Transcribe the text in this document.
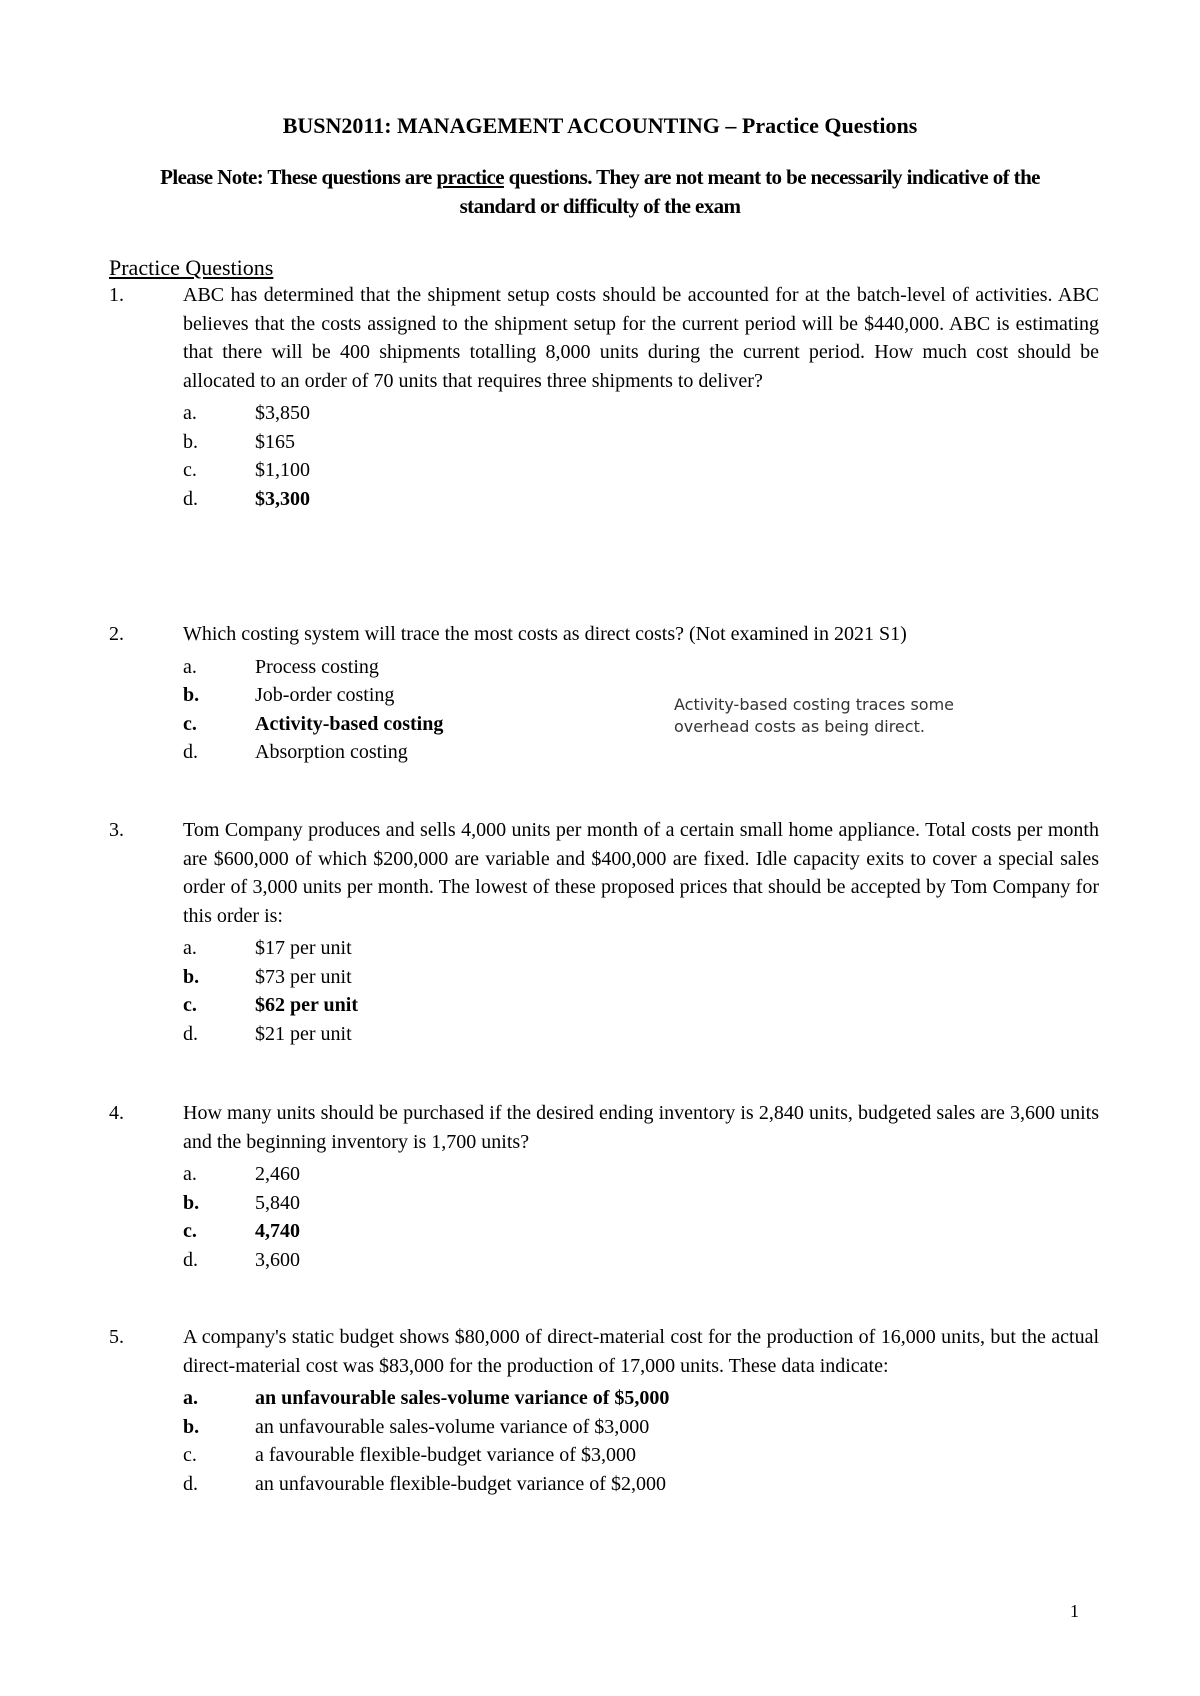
BUSN2011: MANAGEMENT ACCOUNTING – Practice Questions
Please Note: These questions are practice questions. They are not meant to be necessarily indicative of the standard or difficulty of the exam
Practice Questions
1.	ABC has determined that the shipment setup costs should be accounted for at the batch-level of activities. ABC believes that the costs assigned to the shipment setup for the current period will be $440,000. ABC is estimating that there will be 400 shipments totalling 8,000 units during the current period. How much cost should be allocated to an order of 70 units that requires three shipments to deliver?
a.	$3,850
b.	$165
c.	$1,100
d.	$3,300
2.	Which costing system will trace the most costs as direct costs? (Not examined in 2021 S1)
a.	Process costing
b.	Job-order costing
c.	Activity-based costing
d.	Absorption costing
Activity-based costing traces some
overhead costs as being direct.
3.	Tom Company produces and sells 4,000 units per month of a certain small home appliance. Total costs per month are $600,000 of which $200,000 are variable and $400,000 are fixed. Idle capacity exits to cover a special sales order of 3,000 units per month. The lowest of these proposed prices that should be accepted by Tom Company for this order is:
a.	$17 per unit
b.	$73 per unit
c.	$62 per unit
d.	$21 per unit
4.	How many units should be purchased if the desired ending inventory is 2,840 units, budgeted sales are 3,600 units and the beginning inventory is 1,700 units?
a.	2,460
b.	5,840
c.	4,740
d.	3,600
5.	A company's static budget shows $80,000 of direct-material cost for the production of 16,000 units, but the actual direct-material cost was $83,000 for the production of 17,000 units. These data indicate:
a.	an unfavourable sales-volume variance of $5,000
b.	an unfavourable sales-volume variance of $3,000
c.	a favourable flexible-budget variance of $3,000
d.	an unfavourable flexible-budget variance of $2,000
1
